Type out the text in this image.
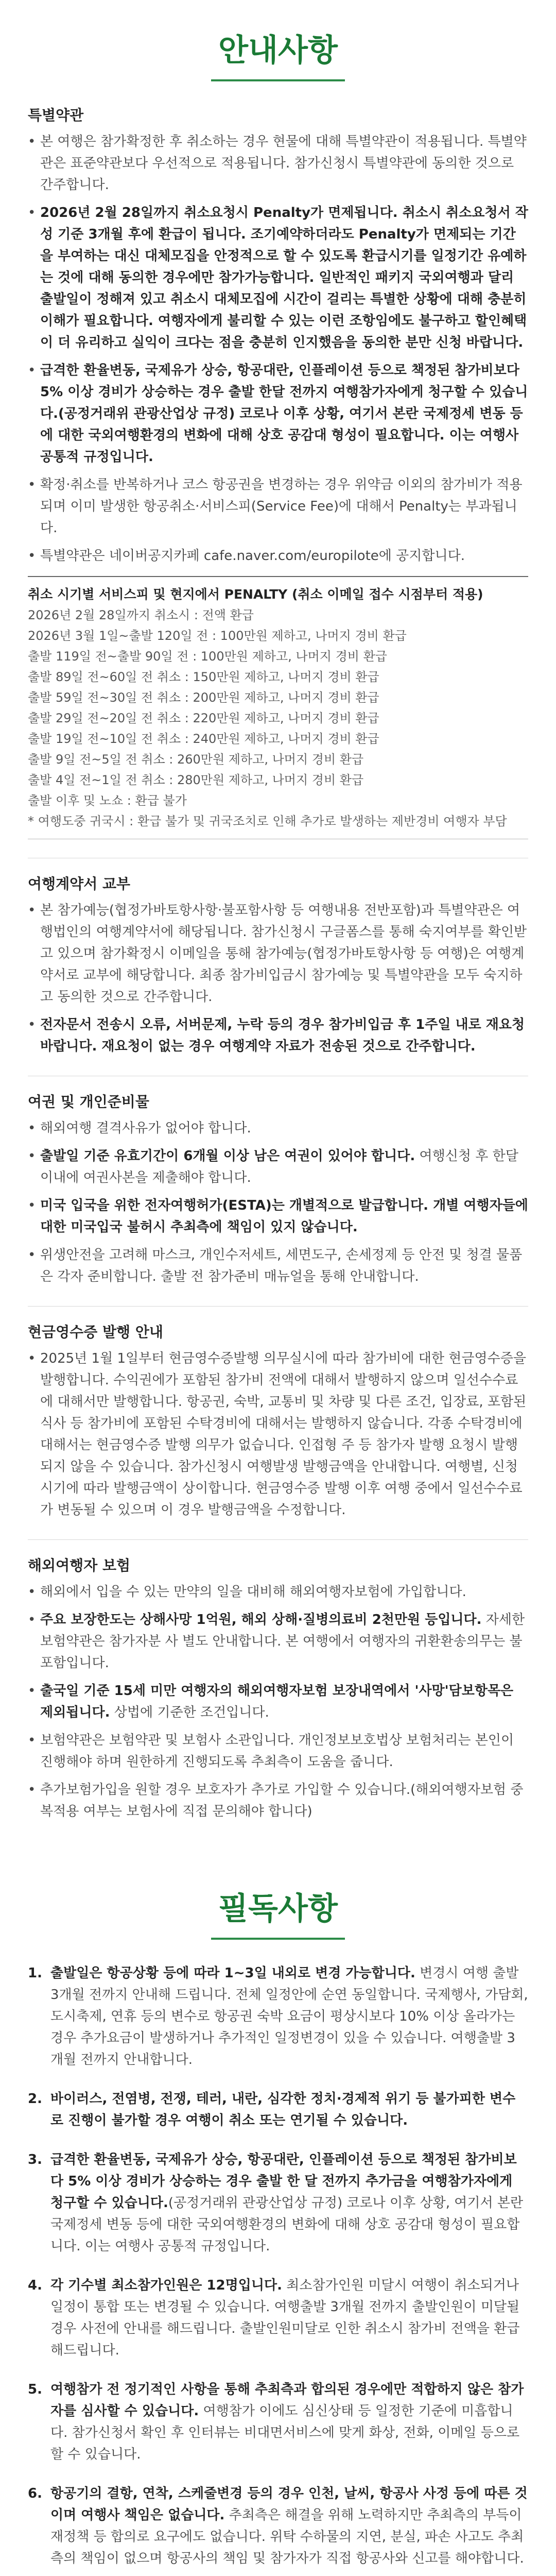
안내사항
특별약관
• 본 여행은 참가확정한 후 취소하는 경우 현물에 대해 특별약관이 적용됩니다. 특별약관은 표준약관보다 우선적으로 적용됩니다. 참가신청시 특별약관에 동의한 것으로 간주합니다.
• 2026년 2월 28일까지 취소요청시 Penalty가 면제됩니다. 취소시 취소요청서 작성 기준 3개월 후에 환급이 됩니다. 조기예약하더라도 Penalty가 면제되는 기간을 부여하는 대신 대체모집을 안정적으로 할 수 있도록 환급시기를 일정기간 유예하는 것에 대해 동의한 경우에만 참가가능합니다. 일반적인 패키지 국외여행과 달리 출발일이 정해져 있고 취소시 대체모집에 시간이 걸리는 특별한 상황에 대해 충분히 이해가 필요합니다. 여행자에게 불리할 수 있는 이런 조항임에도 불구하고 할인혜택이 더 유리하고 실익이 크다는 점을 충분히 인지했음을 동의한 분만 신청 바랍니다.
• 급격한 환율변동, 국제유가 상승, 항공대란, 인플레이션 등으로 책정된 참가비보다 5% 이상 경비가 상승하는 경우 출발 한달 전까지 여행참가자에게 청구할 수 있습니다.(공정거래위 관광산업상 규정) 코로나 이후 상황, 여기서 본란 국제정세 변동 등에 대한 국외여행환경의 변화에 대해 상호 공감대 형성이 필요합니다. 이는 여행사 공통적 규정입니다.
• 확정·취소를 반복하거나 코스 항공권을 변경하는 경우 위약금 이외의 참가비가 적용되며 이미 발생한 항공취소·서비스피(Service Fee)에 대해서 Penalty는 부과됩니다.
• 특별약관은 네이버공지카페 cafe.naver.com/europilote에 공지합니다.
취소 시기별 서비스피 및 현지에서 PENALTY (취소 이메일 접수 시점부터 적용)
2026년 2월 28일까지 취소시 : 전액 환급
2026년 3월 1일~출발 120일 전 : 100만원 제하고, 나머지 경비 환급
출발 119일 전~출발 90일 전 : 100만원 제하고, 나머지 경비 환급
출발 89일 전~60일 전 취소 : 150만원 제하고, 나머지 경비 환급
출발 59일 전~30일 전 취소 : 200만원 제하고, 나머지 경비 환급
출발 29일 전~20일 전 취소 : 220만원 제하고, 나머지 경비 환급
출발 19일 전~10일 전 취소 : 240만원 제하고, 나머지 경비 환급
출발 9일 전~5일 전 취소 : 260만원 제하고, 나머지 경비 환급
출발 4일 전~1일 전 취소 : 280만원 제하고, 나머지 경비 환급
출발 이후 및 노쇼 : 환급 불가
* 여행도중 귀국시 : 환급 불가 및 귀국조치로 인해 추가로 발생하는 제반경비 여행자 부담
여행계약서 교부
• 본 참가예능(협정가바토항사항·불포함사항 등 여행내용 전반포함)과 특별약관은 여행법인의 여행계약서에 해당됩니다. 참가신청시 구글폼스를 통해 숙지여부를 확인받고 있으며 참가확정시 이메일을 통해 참가예능(협정가바토항사항 등 여행)은 여행계약서로 교부에 해당합니다. 최종 참가비입금시 참가예능 및 특별약관을 모두 숙지하고 동의한 것으로 간주합니다.
• 전자문서 전송시 오류, 서버문제, 누락 등의 경우 참가비입금 후 1주일 내로 재요청 바랍니다. 재요청이 없는 경우 여행계약 자료가 전송된 것으로 간주합니다.
여권 및 개인준비물
• 해외여행 결격사유가 없어야 합니다.
• 출발일 기준 유효기간이 6개월 이상 남은 여권이 있어야 합니다. 여행신청 후 한달 이내에 여권사본을 제출해야 합니다.
• 미국 입국을 위한 전자여행허가(ESTA)는 개별적으로 발급합니다. 개별 여행자들에 대한 미국입국 불허시 추최측에 책임이 있지 않습니다.
• 위생안전을 고려해 마스크, 개인수저세트, 세면도구, 손세정제 등 안전 및 청결 물품은 각자 준비합니다. 출발 전 참가준비 매뉴얼을 통해 안내합니다.
현금영수증 발행 안내
• 2025년 1월 1일부터 현금영수증발행 의무실시에 따라 참가비에 대한 현금영수증을 발행합니다. 수익권에가 포함된 참가비 전액에 대해서 발행하지 않으며 일선수수료에 대해서만 발행합니다. 항공권, 숙박, 교통비 및 차량 및 다른 조건, 입장료, 포함된 식사 등 참가비에 포함된 수탁경비에 대해서는 발행하지 않습니다. 각종 수탁경비에 대해서는 현금영수증 발행 의무가 없습니다. 인접형 주 등 참가자 발행 요청시 발행되지 않을 수 있습니다. 참가신청시 여행발생 발행금액을 안내합니다. 여행별, 신청시기에 따라 발행금액이 상이합니다. 현금영수증 발행 이후 여행 중에서 일선수수료가 변동될 수 있으며 이 경우 발행금액을 수정합니다.
해외여행자 보험
• 해외에서 입을 수 있는 만약의 일을 대비해 해외여행자보험에 가입합니다.
• 주요 보장한도는 상해사망 1억원, 해외 상해·질병의료비 2천만원 등입니다. 자세한 보험약관은 참가자분 사 별도 안내합니다. 본 여행에서 여행자의 귀환환송의무는 불포함입니다.
• 출국일 기준 15세 미만 여행자의 해외여행자보험 보장내역에서 '사망'담보항목은 제외됩니다. 상법에 기준한 조건입니다.
• 보험약관은 보험약관 및 보험사 소관입니다. 개인정보보호법상 보험처리는 본인이 진행해야 하며 원한하게 진행되도록 추최측이 도움을 줍니다.
• 추가보험가입을 원할 경우 보호자가 추가로 가입할 수 있습니다.(해외여행자보험 중복적용 여부는 보험사에 직접 문의해야 합니다)
필독사항
1. 출발일은 항공상황 등에 따라 1~3일 내외로 변경 가능합니다. 변경시 여행 출발 3개월 전까지 안내해 드립니다. 전체 일정안에 순연 동일합니다. 국제행사, 가담회, 도시축제, 연휴 등의 변수로 항공권 숙박 요금이 평상시보다 10% 이상 올라가는 경우 추가요금이 발생하거나 추가적인 일정변경이 있을 수 있습니다. 여행출발 3개월 전까지 안내합니다.
2. 바이러스, 전염병, 전쟁, 테러, 내란, 심각한 정치·경제적 위기 등 불가피한 변수로 진행이 불가할 경우 여행이 취소 또는 연기될 수 있습니다.
3. 급격한 환율변동, 국제유가 상승, 항공대란, 인플레이션 등으로 책정된 참가비보다 5% 이상 경비가 상승하는 경우 출발 한 달 전까지 추가금을 여행참가자에게 청구할 수 있습니다.(공정거래위 관광산업상 규정) 코로나 이후 상황, 여기서 본란 국제정세 변동 등에 대한 국외여행환경의 변화에 대해 상호 공감대 형성이 필요합니다. 이는 여행사 공통적 규정입니다.
4. 각 기수별 최소참가인원은 12명입니다. 최소참가인원 미달시 여행이 취소되거나 일정이 통합 또는 변경될 수 있습니다. 여행출발 3개월 전까지 출발인원이 미달될 경우 사전에 안내를 해드립니다. 출발인원미달로 인한 취소시 참가비 전액을 환급해드립니다.
5. 여행참가 전 정기적인 사항을 통해 추최측과 합의된 경우에만 적합하지 않은 참가자를 심사할 수 있습니다. 여행참가 이에도 심신상태 등 일정한 기준에 미흡합니다. 참가신청서 확인 후 인터뷰는 비대면서비스에 맞게 화상, 전화, 이메일 등으로 할 수 있습니다.
6. 항공기의 결항, 연착, 스케줄변경 등의 경우 인천, 날씨, 항공사 사정 등에 따른 것이며 여행사 책임은 없습니다. 추최측은 해결을 위해 노력하지만 추최측의 부득이 재정책 등 합의로 요구에도 없습니다. 위탁 수하물의 지연, 분실, 파손 사고도 추최측의 책임이 없으며 항공사의 책임 및 참가자가 직접 항공사와 신고를 해야합니다.
